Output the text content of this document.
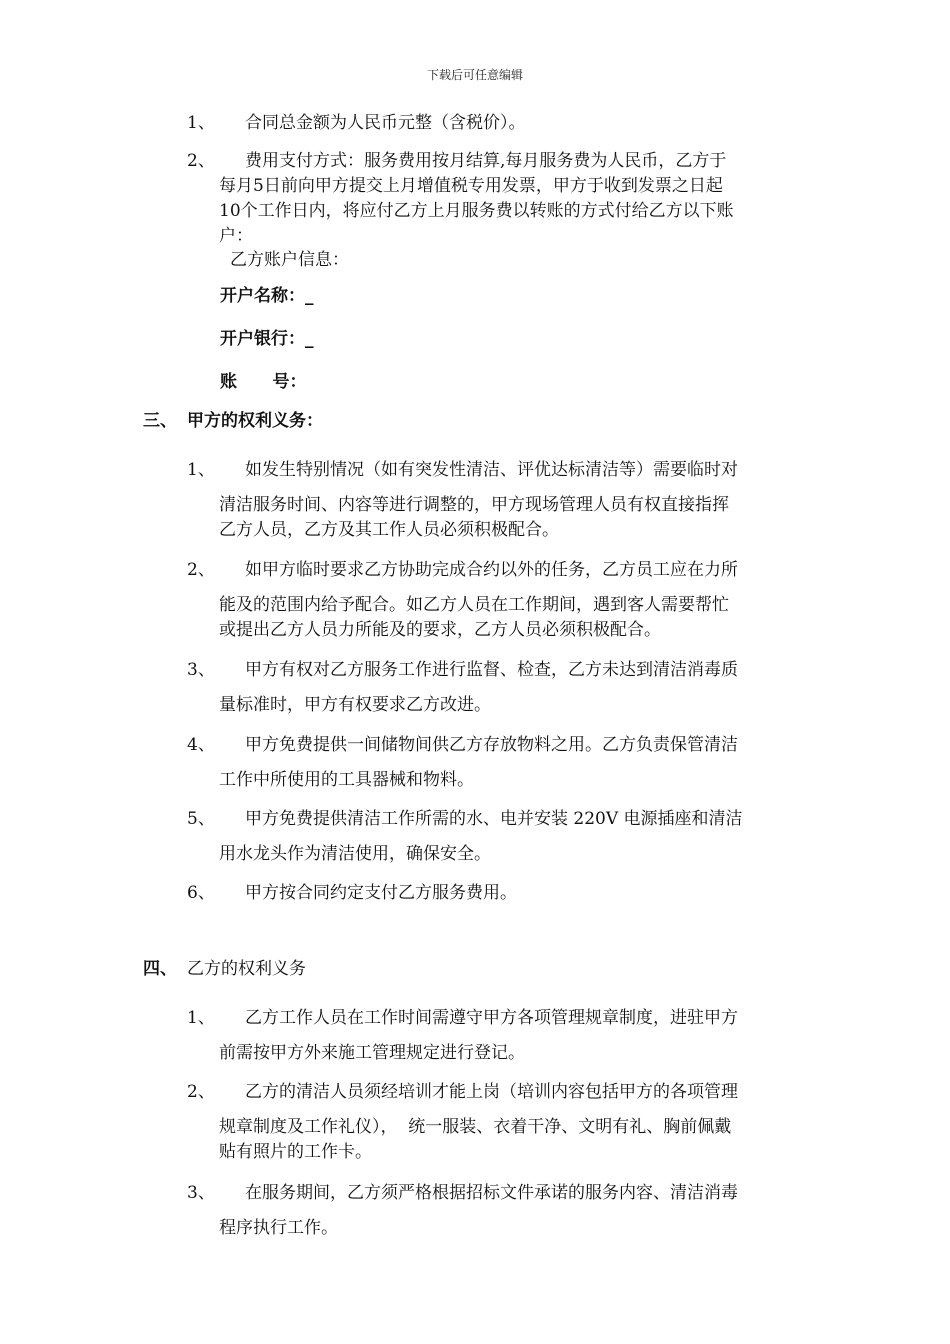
下载后可任意编辑
1、 合同总金额为人民币元整（含税价）。
2、 费用支付方式：服务费用按月结算,每月服务费为人民币，乙方于
每月5日前向甲方提交上月增值税专用发票，甲方于收到发票之日起
10个工作日内，将应付乙方上月服务费以转账的方式付给乙方以下账
户：
乙方账户信息：
开户名称：_
开户银行：_
账      号：
三、 甲方的权利义务：
1、 如发生特别情况（如有突发性清洁、评优达标清洁等）需要临时对
清洁服务时间、内容等进行调整的，甲方现场管理人员有权直接指挥
乙方人员，乙方及其工作人员必须积极配合。
2、 如甲方临时要求乙方协助完成合约以外的任务，乙方员工应在力所
能及的范围内给予配合。如乙方人员在工作期间，遇到客人需要帮忙
或提出乙方人员力所能及的要求，乙方人员必须积极配合。
3、 甲方有权对乙方服务工作进行监督、检查，乙方未达到清洁消毒质
量标准时，甲方有权要求乙方改进。
4、 甲方免费提供一间储物间供乙方存放物料之用。乙方负责保管清洁
工作中所使用的工具器械和物料。
5、 甲方免费提供清洁工作所需的水、电并安装 220V 电源插座和清洁
用水龙头作为清洁使用，确保安全。
6、 甲方按合同约定支付乙方服务费用。
四、 乙方的权利义务
1、 乙方工作人员在工作时间需遵守甲方各项管理规章制度，进驻甲方
前需按甲方外来施工管理规定进行登记。
2、 乙方的清洁人员须经培训才能上岗（培训内容包括甲方的各项管理
规章制度及工作礼仪），  统一服装、衣着干净、文明有礼、胸前佩戴
贴有照片的工作卡。
3、 在服务期间，乙方须严格根据招标文件承诺的服务内容、清洁消毒
程序执行工作。
